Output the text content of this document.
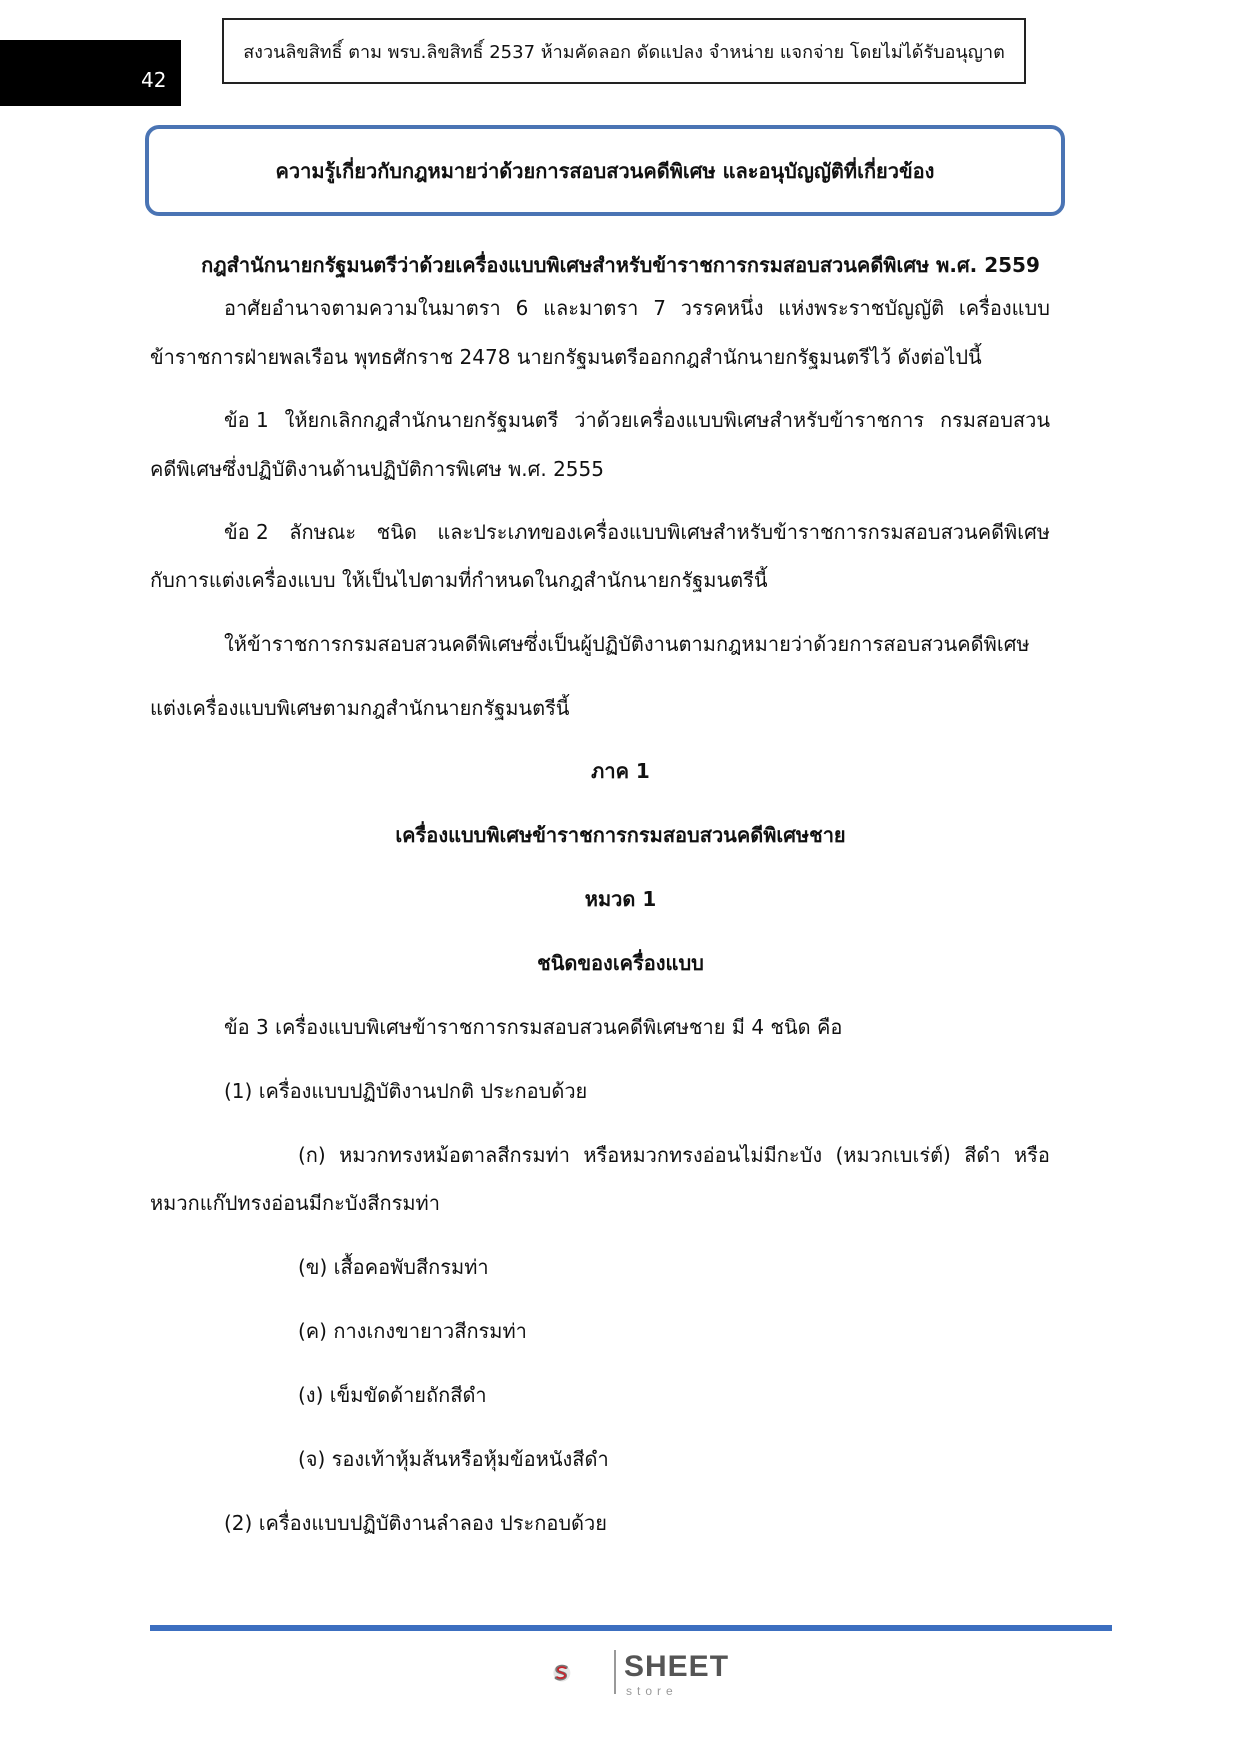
42
สงวนลิขสิทธิ์ ตาม พรบ.ลิขสิทธิ์ 2537 ห้ามคัดลอก ดัดแปลง จำหน่าย แจกจ่าย โดยไม่ได้รับอนุญาต
ความรู้เกี่ยวกับกฎหมายว่าด้วยการสอบสวนคดีพิเศษ และอนุบัญญัติที่เกี่ยวข้อง
กฎสำนักนายกรัฐมนตรีว่าด้วยเครื่องแบบพิเศษสำหรับข้าราชการกรมสอบสวนคดีพิเศษ พ.ศ. 2559
อาศัยอำนาจตามความในมาตรา 6 และมาตรา 7 วรรคหนึ่ง แห่งพระราชบัญญัติ เครื่องแบบ
ข้าราชการฝ่ายพลเรือน พุทธศักราช 2478 นายกรัฐมนตรีออกกฎสำนักนายกรัฐมนตรีไว้ ดังต่อไปนี้
ข้อ 1 ให้ยกเลิกกฎสำนักนายกรัฐมนตรี ว่าด้วยเครื่องแบบพิเศษสำหรับข้าราชการ กรมสอบสวน
คดีพิเศษซึ่งปฏิบัติงานด้านปฏิบัติการพิเศษ พ.ศ. 2555
ข้อ 2 ลักษณะ ชนิด และประเภทของเครื่องแบบพิเศษสำหรับข้าราชการกรมสอบสวนคดีพิเศษ
กับการแต่งเครื่องแบบ ให้เป็นไปตามที่กำหนดในกฎสำนักนายกรัฐมนตรีนี้
ให้ข้าราชการกรมสอบสวนคดีพิเศษซึ่งเป็นผู้ปฏิบัติงานตามกฎหมายว่าด้วยการสอบสวนคดีพิเศษ
แต่งเครื่องแบบพิเศษตามกฎสำนักนายกรัฐมนตรีนี้
ภาค 1
เครื่องแบบพิเศษข้าราชการกรมสอบสวนคดีพิเศษชาย
หมวด 1
ชนิดของเครื่องแบบ
ข้อ 3 เครื่องแบบพิเศษข้าราชการกรมสอบสวนคดีพิเศษชาย มี 4 ชนิด คือ
(1) เครื่องแบบปฏิบัติงานปกติ ประกอบด้วย
(ก) หมวกทรงหม้อตาลสีกรมท่า หรือหมวกทรงอ่อนไม่มีกะบัง (หมวกเบเร่ต์) สีดำ หรือ
หมวกแก๊ปทรงอ่อนมีกะบังสีกรมท่า
(ข) เสื้อคอพับสีกรมท่า
(ค) กางเกงขายาวสีกรมท่า
(ง) เข็มขัดด้ายถักสีดำ
(จ) รองเท้าหุ้มส้นหรือหุ้มข้อหนังสีดำ
(2) เครื่องแบบปฏิบัติงานลำลอง ประกอบด้วย
SHEET
store
